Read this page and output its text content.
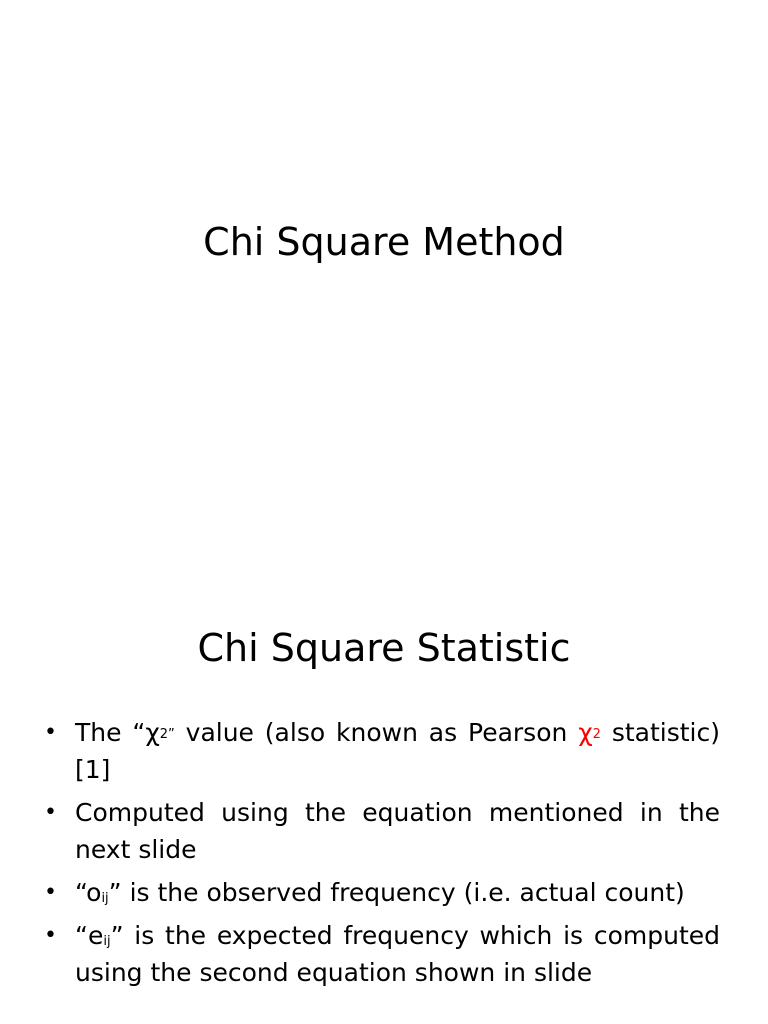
Chi Square Method
Chi Square Statistic
• The “$\chi^{2”}$ value (also known as Pearson $\chi^2$ statistic) [1]
• Computed using the equation mentioned in the next slide
• “$o_{ij}$” is the observed frequency (i.e. actual count)
• “$e_{ij}$” is the expected frequency which is computed using the second equation shown in slide
